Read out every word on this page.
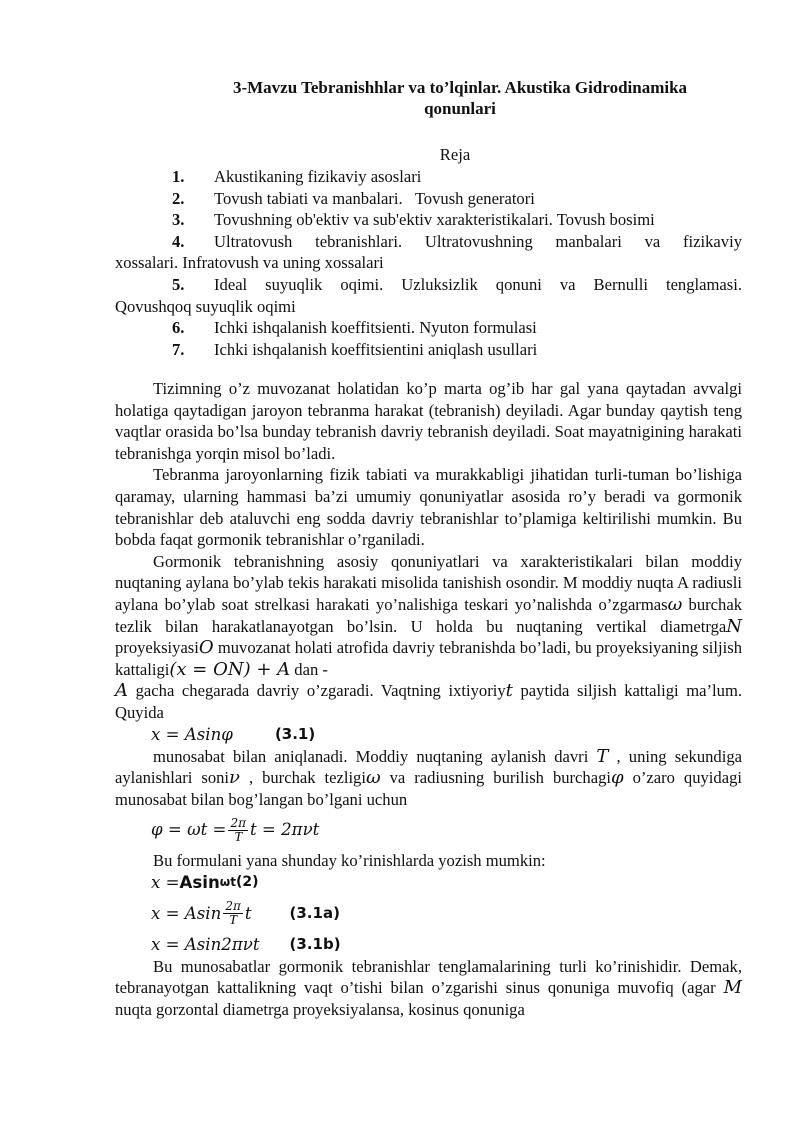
3-Mavzu Tebranishhlar va to’lqinlar. Akustika Gidrodinamika
qonunlari
Reja
1. Akustikaning fizikaviy asoslari
2. Tovush tabiati va manbalari.   Tovush generatori
3. Tovushning ob'ektiv va sub'ektiv xarakteristikalari. Tovush bosimi
4. Ultratovush tebranishlari. Ultratovushning manbalari va fizikaviy
xossalari. Infratovush va uning xossalari
5. Ideal suyuqlik oqimi. Uzluksizlik qonuni va Bernulli tenglamasi.
Qovushqoq suyuqlik oqimi
6. Ichki ishqalanish koeffitsienti. Nyuton formulasi
7. Ichki ishqalanish koeffitsientini aniqlash usullari

Tizimning o’z muvozanat holatidan ko’p marta og’ib har gal yana qaytadan avvalgi holatiga qaytadigan jaroyon tebranma harakat (tebranish) deyiladi. Agar bunday qaytish teng vaqtlar orasida bo’lsa bunday tebranish davriy tebranish deyiladi. Soat mayatnigining harakati tebranishga yorqin misol bo’ladi.

Tebranma jaroyonlarning fizik tabiati va murakkabligi jihatidan turli-tuman bo’lishiga qaramay, ularning hammasi ba’zi umumiy qonuniyatlar asosida ro’y beradi va gormonik tebranishlar deb ataluvchi eng sodda davriy tebranishlar to’plamiga keltirilishi mumkin. Bu bobda faqat gormonik tebranishlar o’rganiladi.

Gormonik tebranishning asosiy qonuniyatlari va xarakteristikalari bilan moddiy nuqtaning aylana bo’ylab tekis harakati misolida tanishish osondir. M moddiy nuqta A radiusli aylana bo’ylab soat strelkasi harakati yo’nalishiga teskari yo’nalishda o’zgarmasω burchak tezlik bilan harakatlanayotgan bo’lsin. U holda bu nuqtaning vertikal diametrgaN proyeksiyasiO muvozanat holati atrofida davriy tebranishda bo’ladi, bu proyeksiyaning siljish kattaligi(x = ON) + A dan -
A gacha chegarada davriy o’zgaradi. Vaqtning ixtiyoriyt paytida siljish kattaligi ma’lum. Quyida

x = Asinφ	(3.1)

munosabat bilan aniqlanadi. Moddiy nuqtaning aylanish davri T , uning sekundiga aylanishlari soniν , burchak tezligiω va radiusning burilish burchagiφ o’zaro quyidagi munosabat bilan bog’langan bo’lgani uchun

$\varphi = \omega t = \frac{2\pi}{T}$ t = 2πνt

Bu formulani yana shunday ko’rinishlarda yozish mumkin:

x = Asin ωt (2)
x = Asin $\frac{2\pi}{T}$ t	(3.1a)
x = Asin2πνt (3.1b)

Bu munosabatlar gormonik tebranishlar tenglamalarining turli ko’rinishidir. Demak, tebranayotgan kattalikning vaqt o’tishi bilan o’zgarishi sinus qonuniga muvofiq (agar M nuqta gorzontal diametrga proyeksiyalansa, kosinus qonuniga
